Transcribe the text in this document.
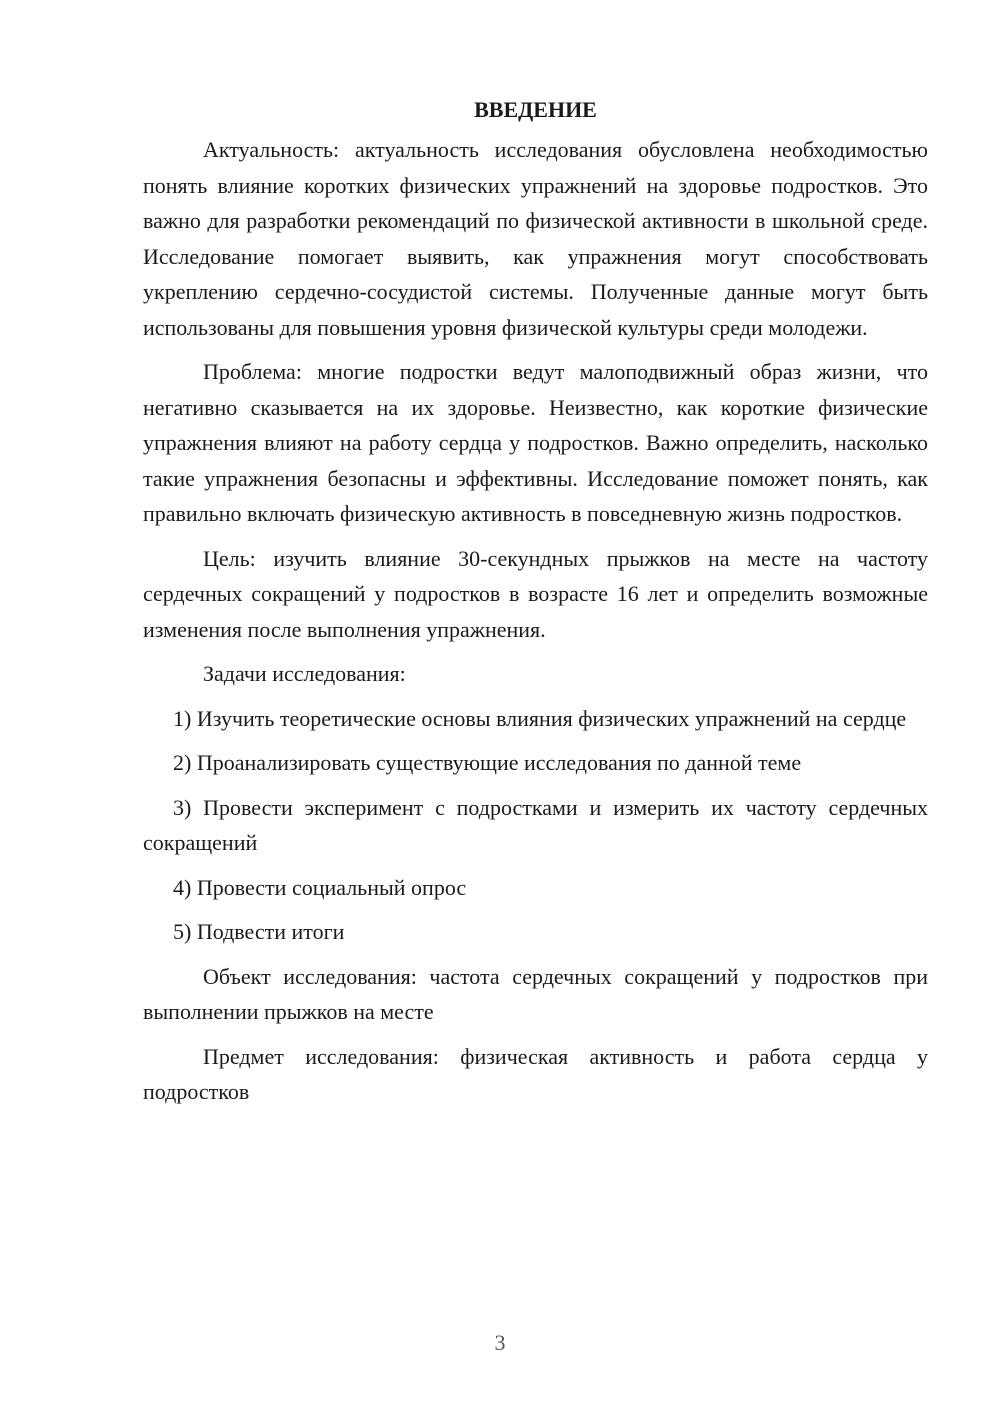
ВВЕДЕНИЕ

Актуальность: актуальность исследования обусловлена необходимостью понять влияние коротких физических упражнений на здоровье подростков. Это важно для разработки рекомендаций по физической активности в школьной среде. Исследование помогает выявить, как упражнения могут способствовать укреплению сердечно-сосудистой системы. Полученные данные могут быть использованы для повышения уровня физической культуры среди молодежи.

Проблема: многие подростки ведут малоподвижный образ жизни, что негативно сказывается на их здоровье. Неизвестно, как короткие физические упражнения влияют на работу сердца у подростков. Важно определить, насколько такие упражнения безопасны и эффективны. Исследование поможет понять, как правильно включать физическую активность в повседневную жизнь подростков.

Цель: изучить влияние 30-секундных прыжков на месте на частоту сердечных сокращений у подростков в возрасте 16 лет и определить возможные изменения после выполнения упражнения.

Задачи исследования:

1) Изучить теоретические основы влияния физических упражнений на сердце

2) Проанализировать существующие исследования по данной теме

3) Провести эксперимент с подростками и измерить их частоту сердечных сокращений

4) Провести социальный опрос

5) Подвести итоги

Объект исследования: частота сердечных сокращений у подростков при выполнении прыжков на месте

Предмет исследования: физическая активность и работа сердца у подростков

3
